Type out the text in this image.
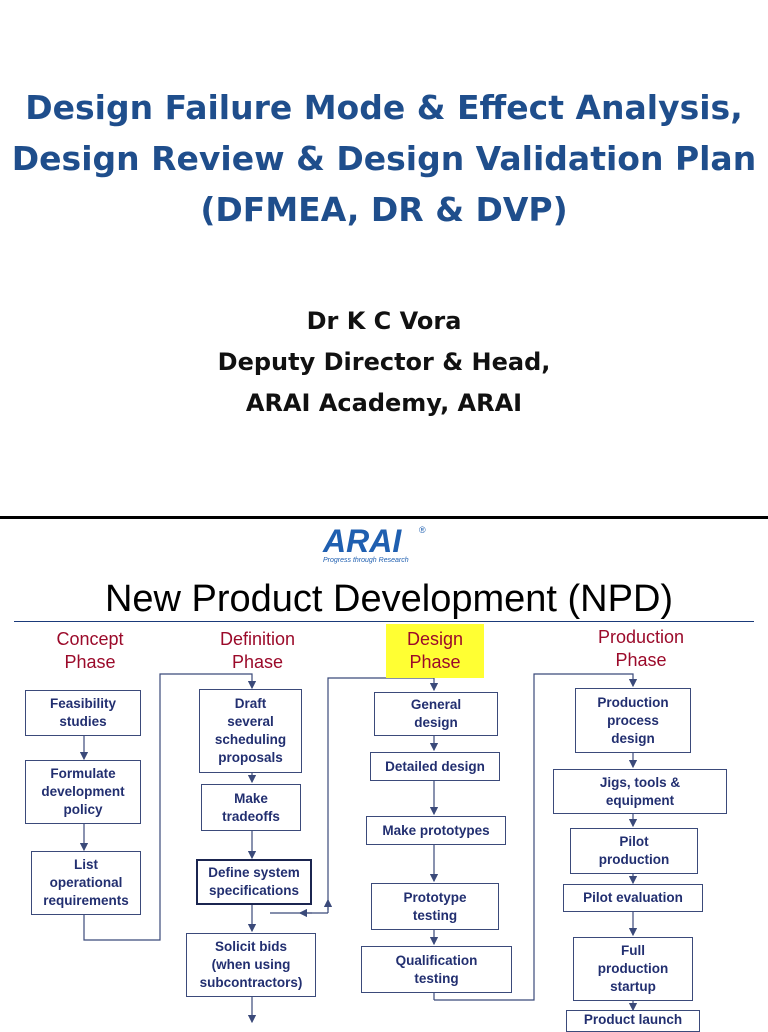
Design Failure Mode & Effect Analysis,
Design Review & Design Validation Plan
(DFMEA, DR & DVP)
Dr K C Vora
Deputy Director & Head,
ARAI Academy, ARAI
ARAI	®
Progress through Research
New Product Development (NPD)
Concept
Phase
Definition
Phase
Design
Phase
Production
Phase
Feasibility
studies
Formulate
development
policy
List
operational
requirements
Draft
several
scheduling
proposals
Make
tradeoffs
Define system
specifications
Solicit bids
(when using
subcontractors)
General
design
Detailed design
Make prototypes
Prototype
testing
Qualification
testing
Production
process
design
Jigs, tools &
equipment
Pilot
production
Pilot evaluation
Full
production
startup
Product launch
